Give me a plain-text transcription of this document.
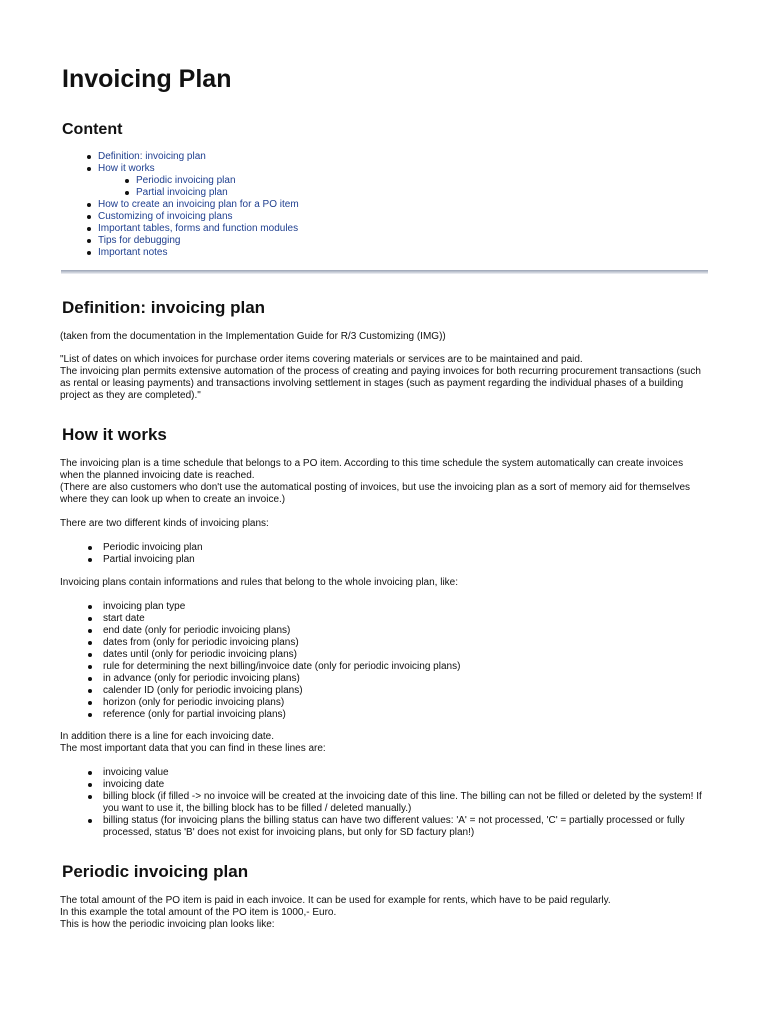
Invoicing Plan
Content
Definition: invoicing plan
How it works
Periodic invoicing plan
Partial invoicing plan
How to create an invoicing plan for a PO item
Customizing of invoicing plans
Important tables, forms and function modules
Tips for debugging
Important notes
Definition: invoicing plan
(taken from the documentation in the Implementation Guide for R/3 Customizing (IMG))
"List of dates on which invoices for purchase order items covering materials or services are to be maintained and paid.
The invoicing plan permits extensive automation of the process of creating and paying invoices for both recurring procurement transactions (such
as rental or leasing payments) and transactions involving settlement in stages (such as payment regarding the individual phases of a building
project as they are completed)."
How it works
The invoicing plan is a time schedule that belongs to a PO item. According to this time schedule the system automatically can create invoices
when the planned invoicing date is reached.
(There are also customers who don't use the automatical posting of invoices, but use the invoicing plan as a sort of memory aid for themselves
where they can look up when to create an invoice.)
There are two different kinds of invoicing plans:
Periodic invoicing plan
Partial invoicing plan
Invoicing plans contain informations and rules that belong to the whole invoicing plan, like:
invoicing plan type
start date
end date (only for periodic invoicing plans)
dates from (only for periodic invoicing plans)
dates until (only for periodic invoicing plans)
rule for determining the next billing/invoice date (only for periodic invoicing plans)
in advance (only for periodic invoicing plans)
calender ID (only for periodic invoicing plans)
horizon (only for periodic invoicing plans)
reference (only for partial invoicing plans)
In addition there is a line for each invoicing date.
The most important data that you can find in these lines are:
invoicing value
invoicing date
billing block (if filled -> no invoice will be created at the invoicing date of this line. The billing can not be filled or deleted by the system! If
you want to use it, the billing block has to be filled / deleted manually.)
billing status (for invoicing plans the billing status can have two different values: 'A' = not processed, 'C' = partially processed or fully
processed, status 'B' does not exist for invoicing plans, but only for SD factury plan!)
Periodic invoicing plan
The total amount of the PO item is paid in each invoice. It can be used for example for rents, which have to be paid regularly.
In this example the total amount of the PO item is 1000,- Euro.
This is how the periodic invoicing plan looks like:
